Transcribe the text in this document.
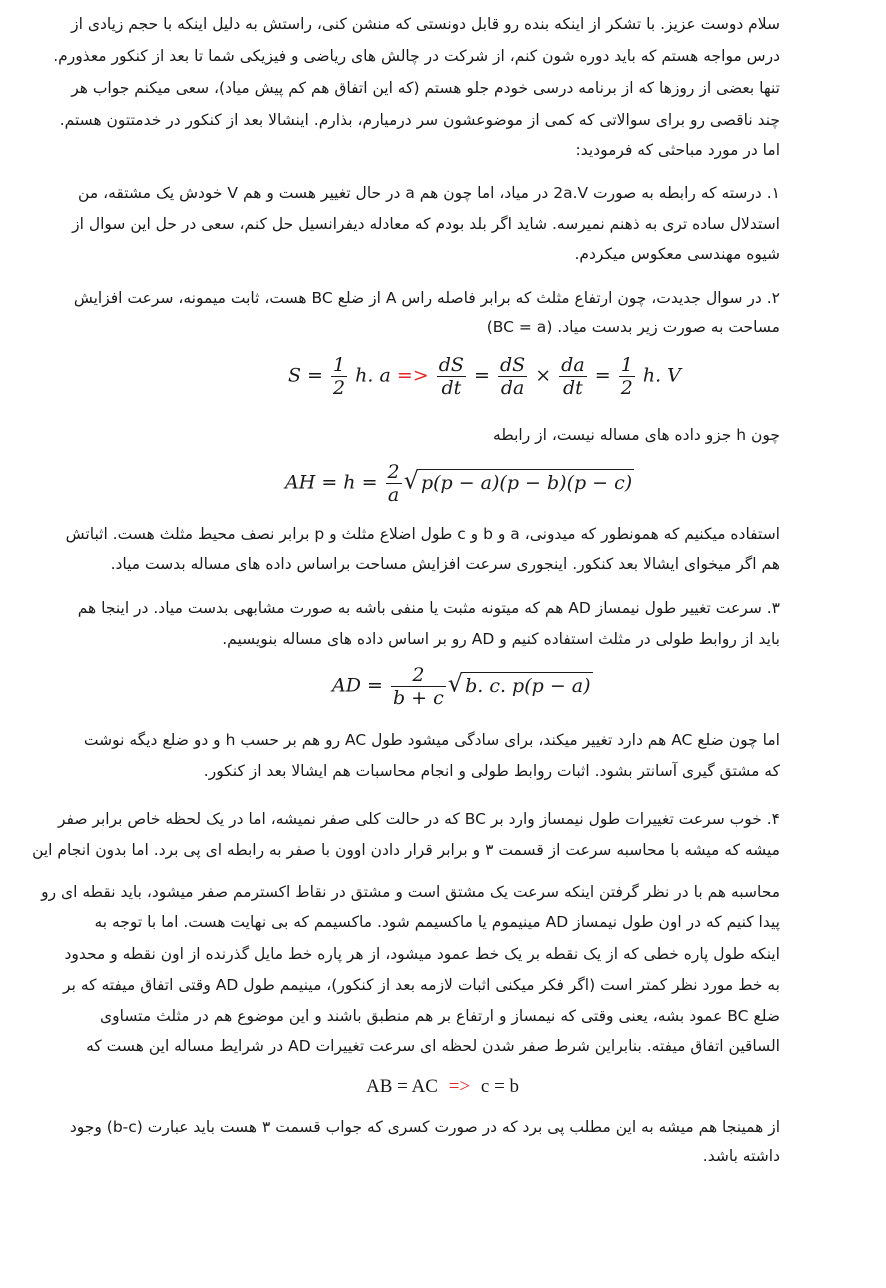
سلام دوست عزیز. با تشکر از اینکه بنده رو قابل دونستی که منشن کنی، راستش به دلیل اینکه با حجم زیادی از
درس مواجه هستم که باید دوره شون کنم، از شرکت در چالش های ریاضی و فیزیکی شما تا بعد از کنکور معذورم.
تنها بعضی از روزها که از برنامه درسی خودم جلو هستم (که این اتفاق هم کم پیش میاد)، سعی میکنم جواب هر
چند ناقصی رو برای سوالاتی که کمی از موضوعشون سر درمیارم، بذارم. اینشالا بعد از کنکور در خدمتتون هستم.
اما در مورد مباحثی که فرمودید:
۱. درسته که رابطه به صورت 2a.V در میاد، اما چون هم a در حال تغییر هست و هم V خودش یک مشتقه، من
استدلال ساده تری به ذهنم نمیرسه. شاید اگر بلد بودم که معادله دیفرانسیل حل کنم، سعی در حل این سوال از
شیوه مهندسی معکوس میکردم.
۲. در سوال جدیدت، چون ارتفاع مثلث که برابر فاصله راس A از ضلع BC هست، ثابت میمونه، سرعت افزایش
مساحت به صورت زیر بدست میاد. (BC = a)
$S = \frac{1}{2} h$. $a => \frac{dS}{dt} = \frac{dS}{da} \times \frac{da}{dt} = \frac{1}{2} h$. V
چون h جزو داده های مساله نیست، از رابطه
AH = $h = \frac{2}{a}$ √ p(p − a)(p − b)(p − c)
استفاده میکنیم که همونطور که میدونی، a و b و c طول اضلاع مثلث و p برابر نصف محیط مثلث هست. اثباتش
هم اگر میخوای ایشالا بعد کنکور. اینجوری سرعت افزایش مساحت براساس داده های مساله بدست میاد.
۳. سرعت تغییر طول نیمساز AD هم که میتونه مثبت یا منفی باشه به صورت مشابهی بدست میاد. در اینجا هم
باید از روابط طولی در مثلث استفاده کنیم و AD رو بر اساس داده های مساله بنویسیم.
AD = $\frac{2}{b + c}$ √ b. c. p(p − a)
اما چون ضلع AC هم دارد تغییر میکند، برای سادگی میشود طول AC رو هم بر حسب h و دو ضلع دیگه نوشت
که مشتق گیری آسانتر بشود. اثبات روابط طولی و انجام محاسبات هم ایشالا بعد از کنکور.
۴. خوب سرعت تغییرات طول نیمساز وارد بر BC که در حالت کلی صفر نمیشه، اما در یک لحظه خاص برابر صفر
میشه که میشه با محاسبه سرعت از قسمت ۳ و برابر قرار دادن اوون با صفر به رابطه ای پی برد. اما بدون انجام این
محاسبه هم با در نظر گرفتن اینکه سرعت یک مشتق است و مشتق در نقاط اکسترمم صفر میشود، باید نقطه ای رو
پیدا کنیم که در اون طول نیمساز AD مینیموم یا ماکسیمم شود. ماکسیمم که بی نهایت هست. اما با توجه به
اینکه طول پاره خطی که از یک نقطه بر یک خط عمود میشود، از هر پاره خط مایل گذرنده از اون نقطه و محدود
به خط مورد نظر کمتر است (اگر فکر میکنی اثبات لازمه بعد از کنکور)، مینیمم طول AD وقتی اتفاق میفته که بر
ضلع BC عمود بشه، یعنی وقتی که نیمساز و ارتفاع بر هم منطبق باشند و این موضوع هم در مثلث متساوی
الساقین اتفاق میفته. بنابراین شرط صفر شدن لحظه ای سرعت تغییرات AD در شرایط مساله این هست که
AB = AC => c = b
از همینجا هم میشه به این مطلب پی برد که در صورت کسری که جواب قسمت ۳ هست باید عبارت (b-c) وجود
داشته باشد.
